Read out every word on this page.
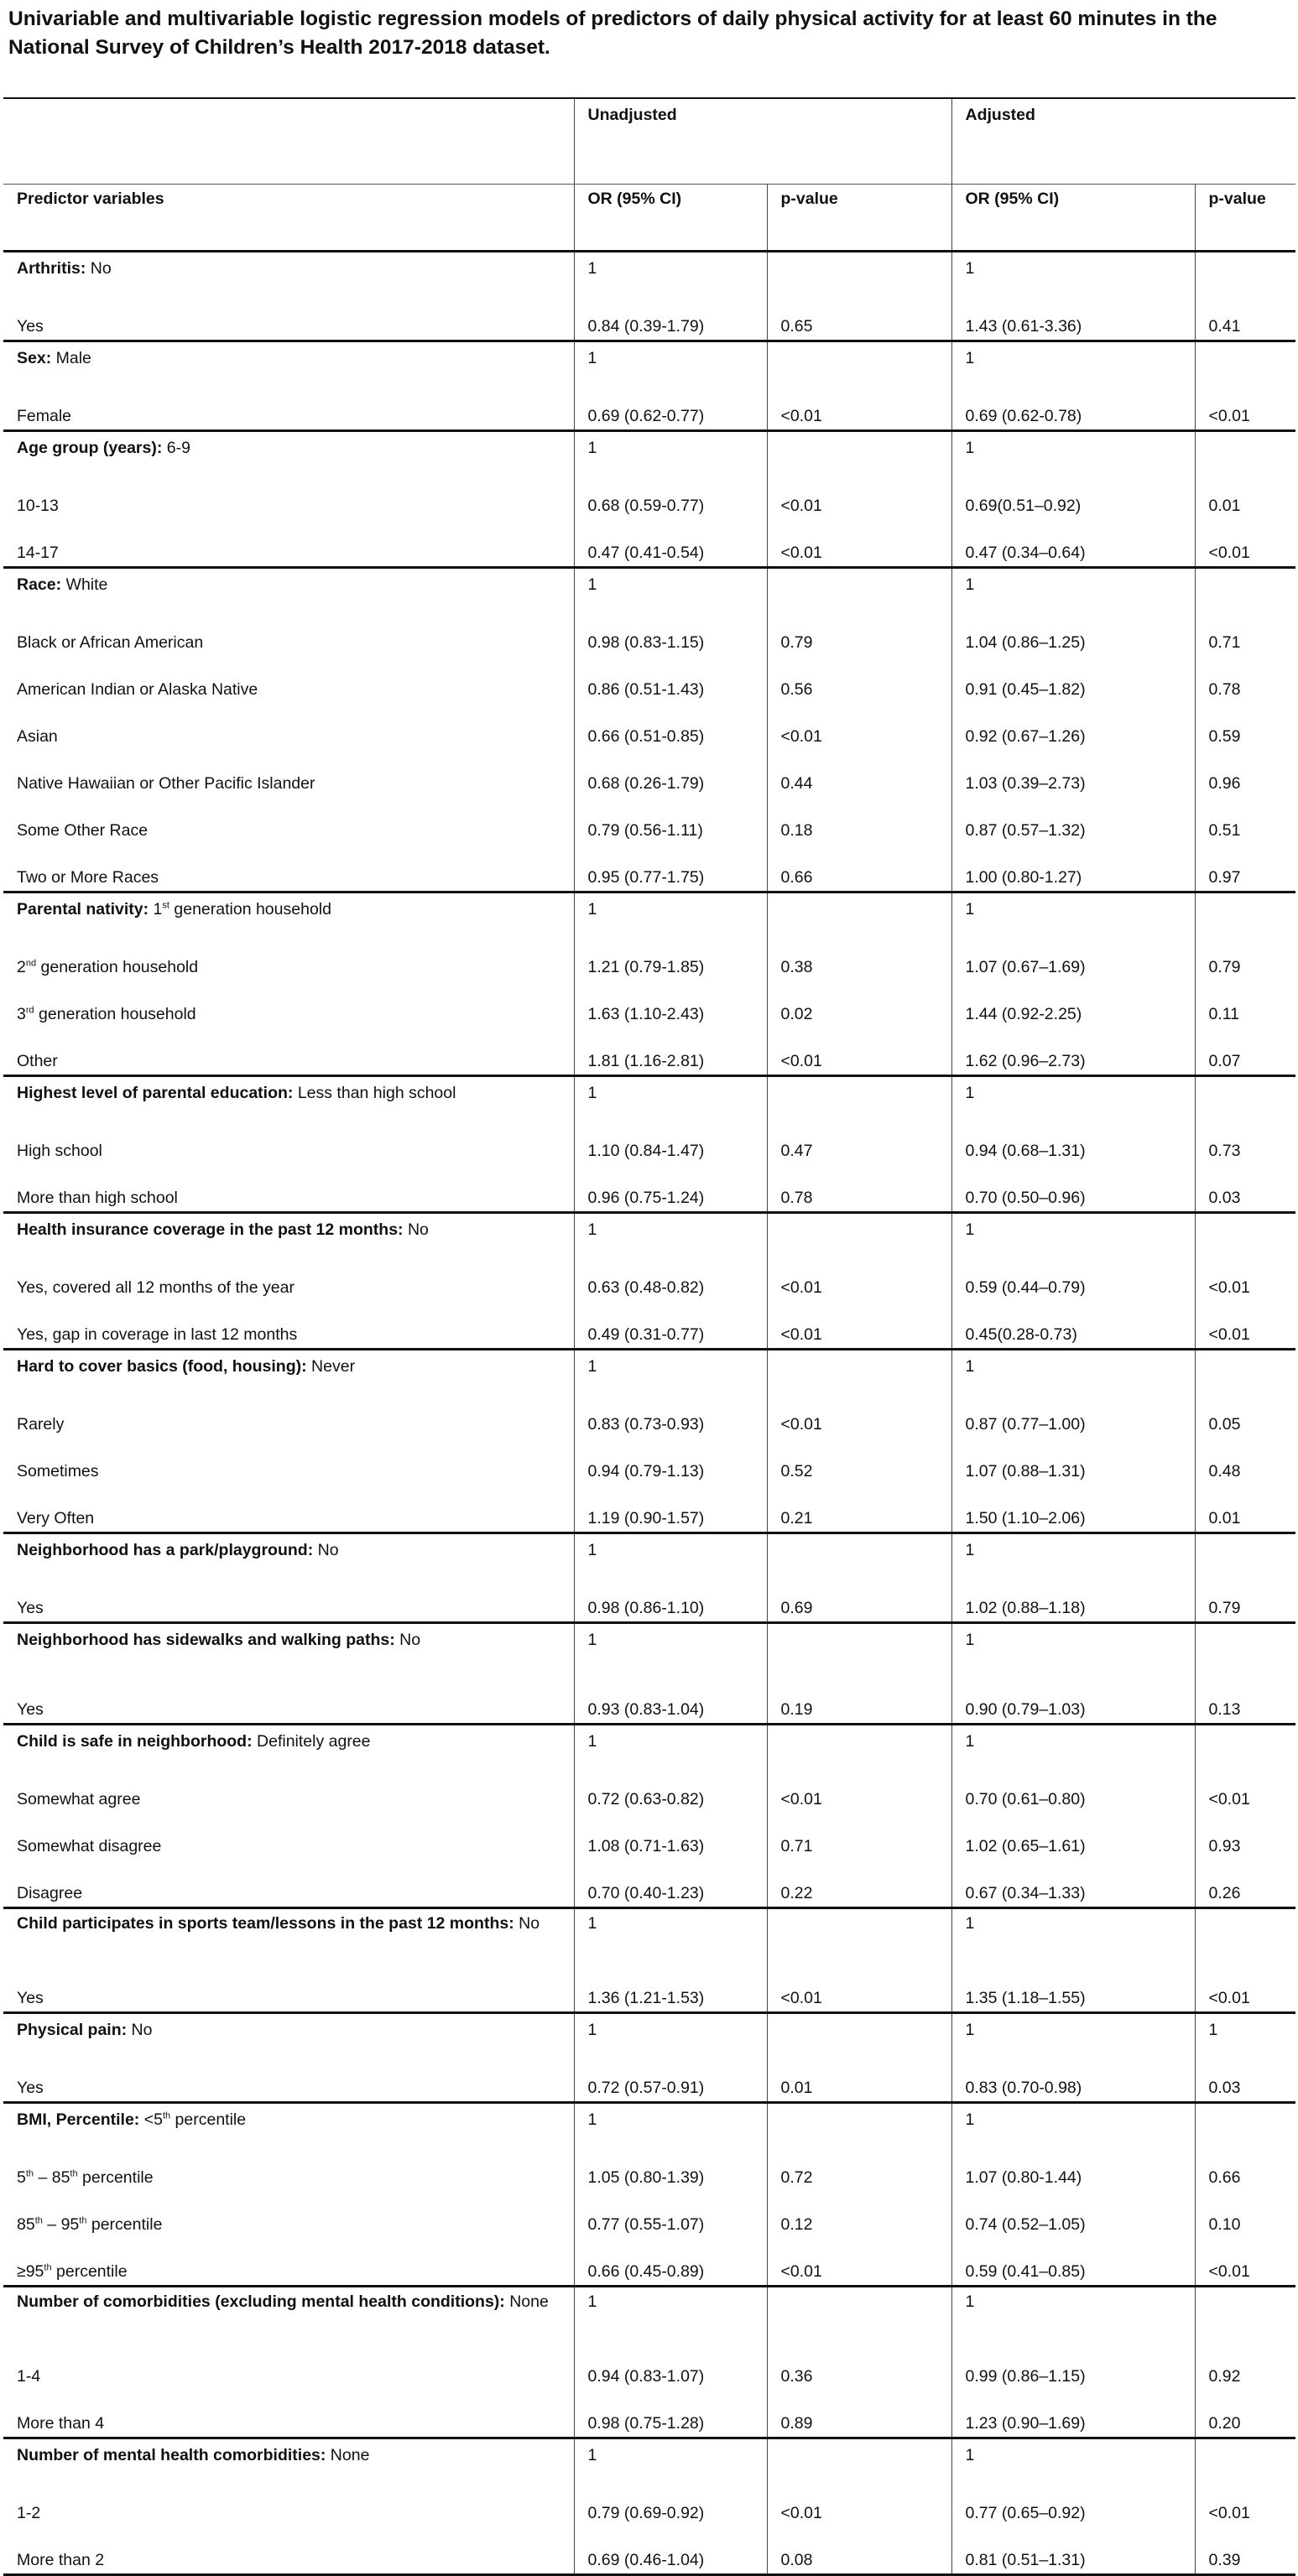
Univariable and multivariable logistic regression models of predictors of daily physical activity for at least 60 minutes in the National Survey of Children’s Health 2017-2018 dataset.

	Unadjusted		Adjusted	
Predictor variables	OR (95% CI)	p-value	OR (95% CI)	p-value
Arthritis: No	1		1	
Yes	0.84 (0.39-1.79)	0.65	1.43 (0.61-3.36)	0.41
Sex: Male	1		1	
Female	0.69 (0.62-0.77)	<0.01	0.69 (0.62-0.78)	<0.01
Age group (years): 6-9	1		1	
10-13	0.68 (0.59-0.77)	<0.01	0.69(0.51–0.92)	0.01
14-17	0.47 (0.41-0.54)	<0.01	0.47 (0.34–0.64)	<0.01
Race: White	1		1	
Black or African American	0.98 (0.83-1.15)	0.79	1.04 (0.86–1.25)	0.71
American Indian or Alaska Native	0.86 (0.51-1.43)	0.56	0.91 (0.45–1.82)	0.78
Asian	0.66 (0.51-0.85)	<0.01	0.92 (0.67–1.26)	0.59
Native Hawaiian or Other Pacific Islander	0.68 (0.26-1.79)	0.44	1.03 (0.39–2.73)	0.96
Some Other Race	0.79 (0.56-1.11)	0.18	0.87 (0.57–1.32)	0.51
Two or More Races	0.95 (0.77-1.75)	0.66	1.00 (0.80-1.27)	0.97
Parental nativity: 1st generation household	1		1	
2nd generation household	1.21 (0.79-1.85)	0.38	1.07 (0.67–1.69)	0.79
3rd generation household	1.63 (1.10-2.43)	0.02	1.44 (0.92-2.25)	0.11
Other	1.81 (1.16-2.81)	<0.01	1.62 (0.96–2.73)	0.07
Highest level of parental education: Less than high school	1		1	
High school	1.10 (0.84-1.47)	0.47	0.94 (0.68–1.31)	0.73
More than high school	0.96 (0.75-1.24)	0.78	0.70 (0.50–0.96)	0.03
Health insurance coverage in the past 12 months: No	1		1	
Yes, covered all 12 months of the year	0.63 (0.48-0.82)	<0.01	0.59 (0.44–0.79)	<0.01
Yes, gap in coverage in last 12 months	0.49 (0.31-0.77)	<0.01	0.45(0.28-0.73)	<0.01
Hard to cover basics (food, housing): Never	1		1	
Rarely	0.83 (0.73-0.93)	<0.01	0.87 (0.77–1.00)	0.05
Sometimes	0.94 (0.79-1.13)	0.52	1.07 (0.88–1.31)	0.48
Very Often	1.19 (0.90-1.57)	0.21	1.50 (1.10–2.06)	0.01
Neighborhood has a park/playground: No	1		1	
Yes	0.98 (0.86-1.10)	0.69	1.02 (0.88–1.18)	0.79
Neighborhood has sidewalks and walking paths: No	1		1	
Yes	0.93 (0.83-1.04)	0.19	0.90 (0.79–1.03)	0.13
Child is safe in neighborhood: Definitely agree	1		1	
Somewhat agree	0.72 (0.63-0.82)	<0.01	0.70 (0.61–0.80)	<0.01
Somewhat disagree	1.08 (0.71-1.63)	0.71	1.02 (0.65–1.61)	0.93
Disagree	0.70 (0.40-1.23)	0.22	0.67 (0.34–1.33)	0.26
Child participates in sports team/lessons in the past 12 months: No	1		1	
Yes	1.36 (1.21-1.53)	<0.01	1.35 (1.18–1.55)	<0.01
Physical pain: No	1		1	1
Yes	0.72 (0.57-0.91)	0.01	0.83 (0.70-0.98)	0.03
BMI, Percentile: <5th percentile	1		1	
5th – 85th percentile	1.05 (0.80-1.39)	0.72	1.07 (0.80-1.44)	0.66
85th – 95th percentile	0.77 (0.55-1.07)	0.12	0.74 (0.52–1.05)	0.10
≥95th percentile	0.66 (0.45-0.89)	<0.01	0.59 (0.41–0.85)	<0.01
Number of comorbidities (excluding mental health conditions): None	1		1	
1-4	0.94 (0.83-1.07)	0.36	0.99 (0.86–1.15)	0.92
More than 4	0.98 (0.75-1.28)	0.89	1.23 (0.90–1.69)	0.20
Number of mental health comorbidities: None	1		1	
1-2	0.79 (0.69-0.92)	<0.01	0.77 (0.65–0.92)	<0.01
More than 2	0.69 (0.46-1.04)	0.08	0.81 (0.51–1.31)	0.39
